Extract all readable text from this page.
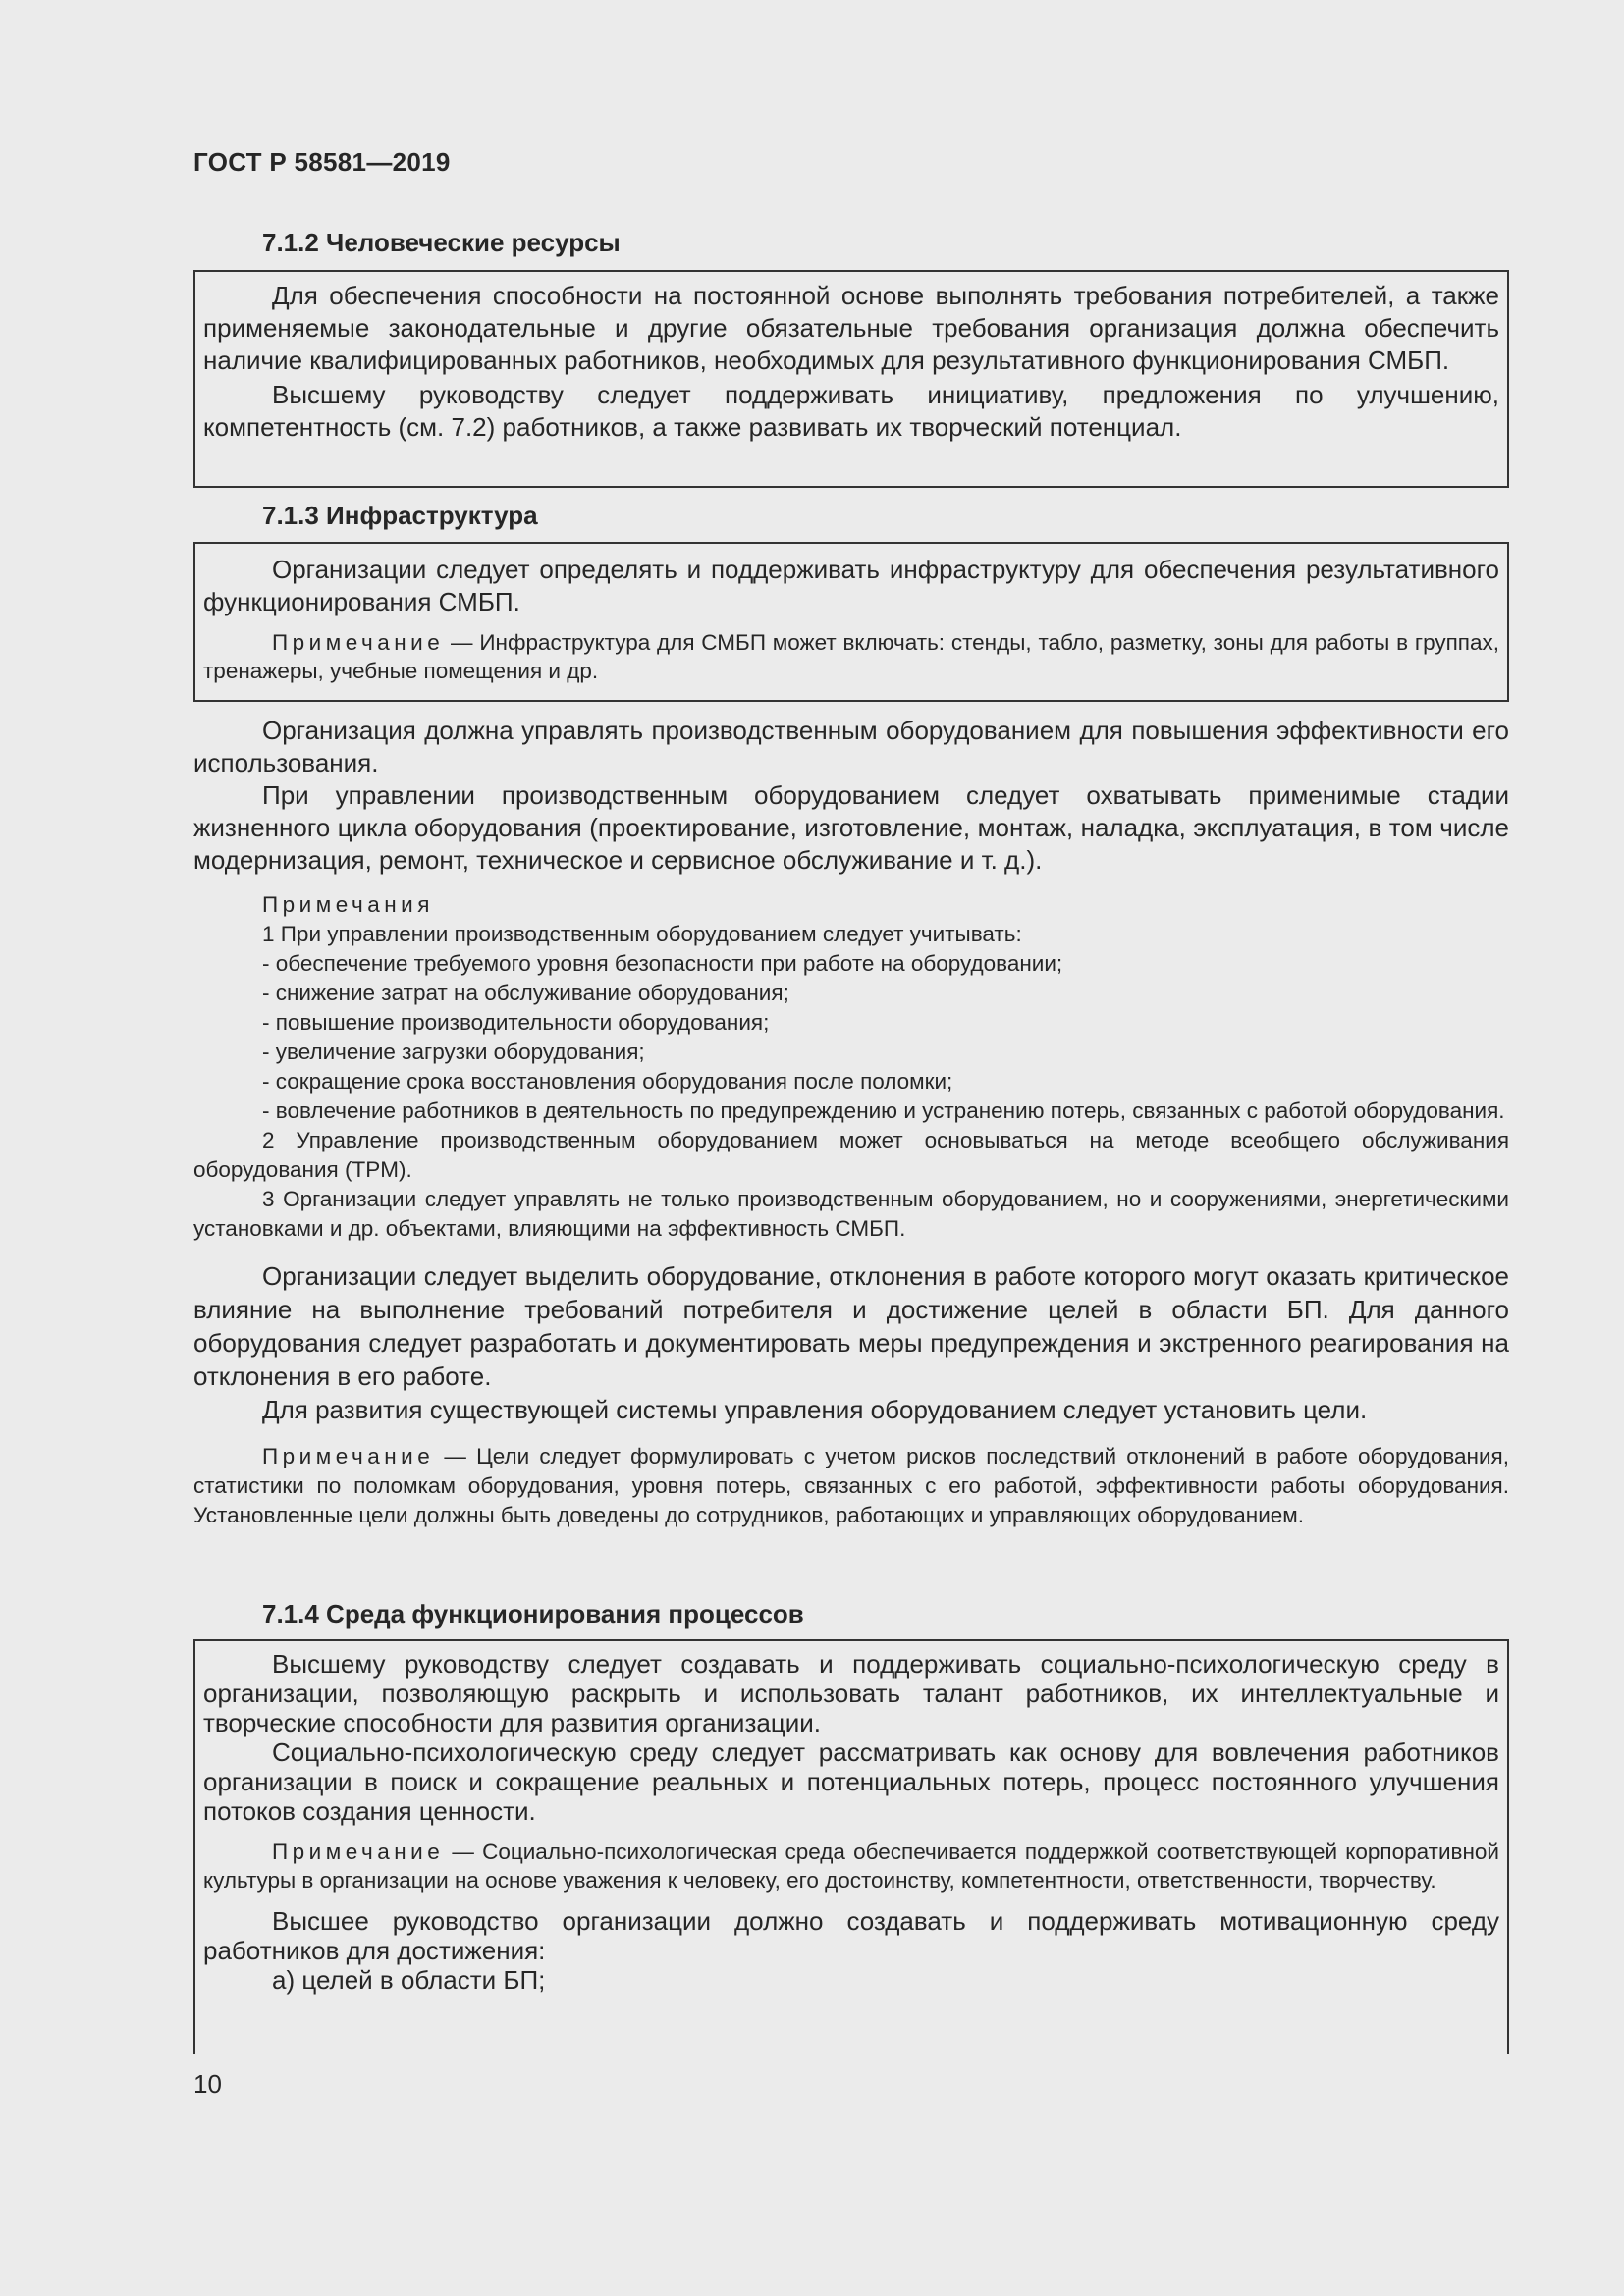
ГОСТ Р 58581—2019
7.1.2 Человеческие ресурсы

Для обеспечения способности на постоянной основе выполнять требования потребителей, а также применяемые законодательные и другие обязательные требования организация должна обеспечить наличие квалифицированных работников, необходимых для результативного функционирования СМБП.

Высшему руководству следует поддерживать инициативу, предложения по улучшению, компетентность (см. 7.2) работников, а также развивать их творческий потенциал.

7.1.3 Инфраструктура

Организации следует определять и поддерживать инфраструктуру для обеспечения результативного функционирования СМБП.

Примечание — Инфраструктура для СМБП может включать: стенды, табло, разметку, зоны для работы в группах, тренажеры, учебные помещения и др.

Организация должна управлять производственным оборудованием для повышения эффективности его использования.

При управлении производственным оборудованием следует охватывать применимые стадии жизненного цикла оборудования (проектирование, изготовление, монтаж, наладка, эксплуатация, в том числе модернизация, ремонт, техническое и сервисное обслуживание и т. д.).

Примечания
1 При управлении производственным оборудованием следует учитывать:
- обеспечение требуемого уровня безопасности при работе на оборудовании;
- снижение затрат на обслуживание оборудования;
- повышение производительности оборудования;
- увеличение загрузки оборудования;
- сокращение срока восстановления оборудования после поломки;
- вовлечение работников в деятельность по предупреждению и устранению потерь, связанных с работой оборудования.
2 Управление производственным оборудованием может основываться на методе всеобщего обслуживания оборудования (TPM).
3 Организации следует управлять не только производственным оборудованием, но и сооружениями, энергетическими установками и др. объектами, влияющими на эффективность СМБП.

Организации следует выделить оборудование, отклонения в работе которого могут оказать критическое влияние на выполнение требований потребителя и достижение целей в области БП. Для данного оборудования следует разработать и документировать меры предупреждения и экстренного реагирования на отклонения в его работе.

Для развития существующей системы управления оборудованием следует установить цели.

Примечание — Цели следует формулировать с учетом рисков последствий отклонений в работе оборудования, статистики по поломкам оборудования, уровня потерь, связанных с его работой, эффективности работы оборудования. Установленные цели должны быть доведены до сотрудников, работающих и управляющих оборудованием.

7.1.4 Среда функционирования процессов

Высшему руководству следует создавать и поддерживать социально-психологическую среду в организации, позволяющую раскрыть и использовать талант работников, их интеллектуальные и творческие способности для развития организации.

Социально-психологическую среду следует рассматривать как основу для вовлечения работников организации в поиск и сокращение реальных и потенциальных потерь, процесс постоянного улучшения потоков создания ценности.

Примечание — Социально-психологическая среда обеспечивается поддержкой соответствующей корпоративной культуры в организации на основе уважения к человеку, его достоинству, компетентности, ответственности, творчеству.

Высшее руководство организации должно создавать и поддерживать мотивационную среду работников для достижения:

а) целей в области БП;

10
